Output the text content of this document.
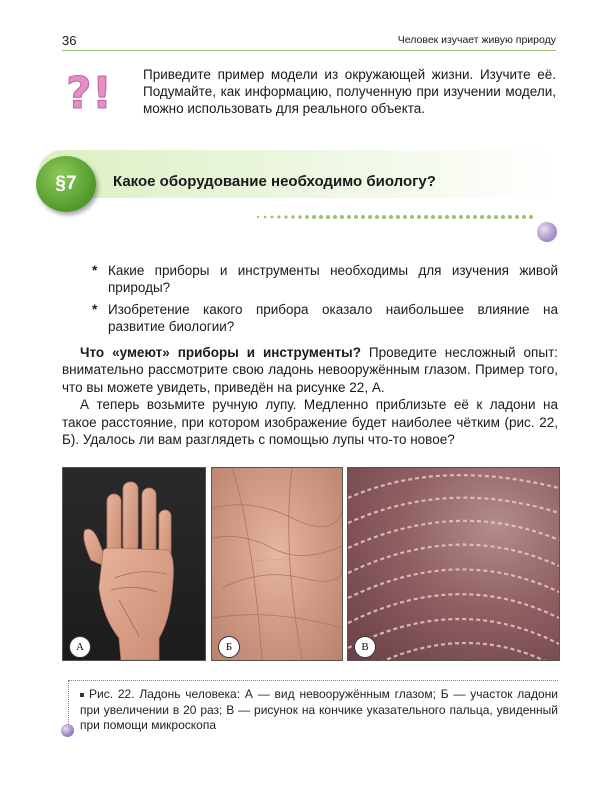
36	Человек изучает живую природу
? ! Приведите пример модели из окружающей жизни. Изучите её. Подумайте, как информацию, полученную при изучении модели, можно использовать для реального объекта.
§7	Какое оборудование необходимо биологу?
* Какие приборы и инструменты необходимы для изучения живой природы?
* Изобретение какого прибора оказало наибольшее влияние на развитие биологии?

Что «умеют» приборы и инструменты? Проведите несложный опыт: внимательно рассмотрите свою ладонь невооружённым глазом. Пример того, что вы можете увидеть, приведён на рисунке 22, А.

А теперь возьмите ручную лупу. Медленно приблизьте её к ладони на такое расстояние, при котором изображение будет наиболее чётким (рис. 22, Б). Удалось ли вам разглядеть с помощью лупы что-то новое?

А	Б	В
Рис. 22. Ладонь человека: А — вид невооружённым глазом; Б — участок ладони при увеличении в 20 раз; В — рисунок на кончике указательного пальца, увиденный при помощи микроскопа
